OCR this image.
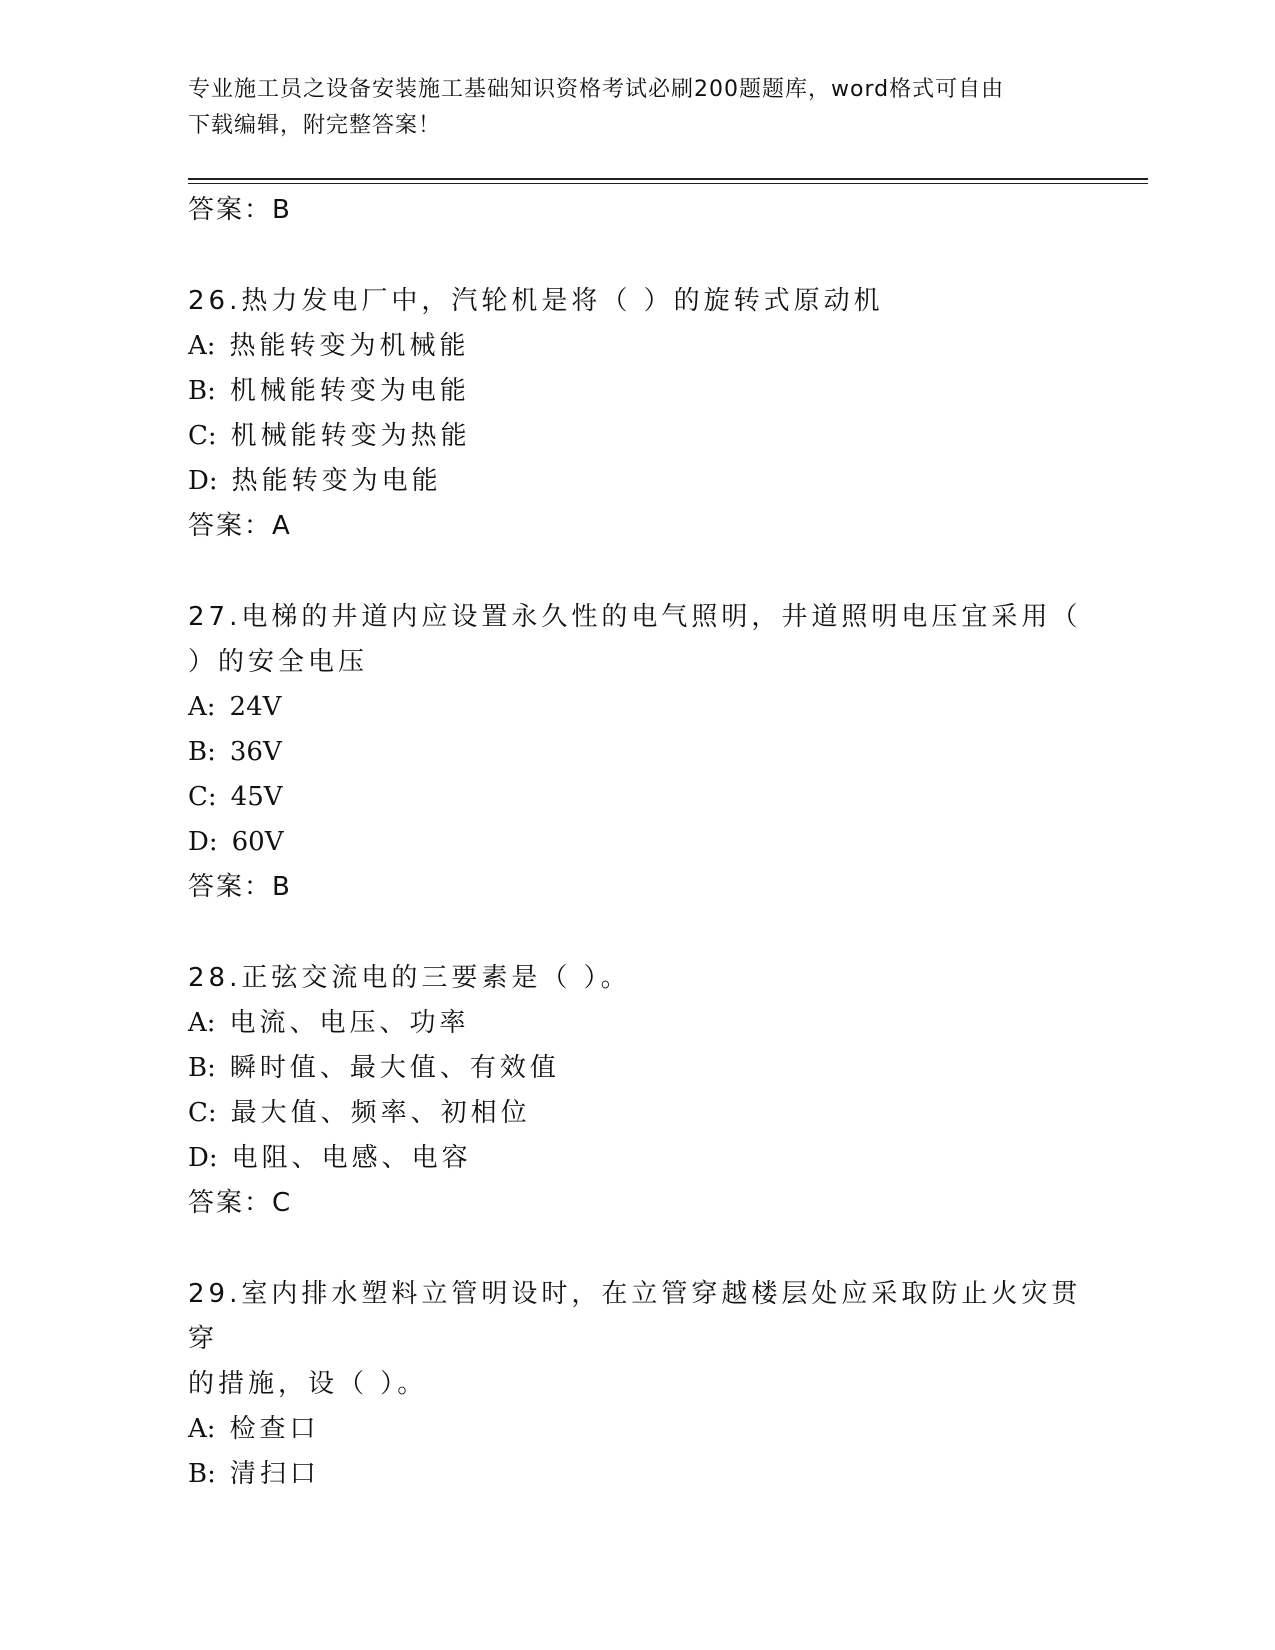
专业施工员之设备安装施工基础知识资格考试必刷200题题库，word格式可自由
下载编辑，附完整答案！
答案：B
26.热力发电厂中，汽轮机是将（ ）的旋转式原动机
A: 热能转变为机械能
B: 机械能转变为电能
C: 机械能转变为热能
D: 热能转变为电能
答案：A
27.电梯的井道内应设置永久性的电气照明，井道照明电压宜采用（
）的安全电压
A: 24V
B: 36V
C: 45V
D: 60V
答案：B
28.正弦交流电的三要素是（ ）。
A: 电流、电压、功率
B: 瞬时值、最大值、有效值
C: 最大值、频率、初相位
D: 电阻、电感、电容
答案：C
29.室内排水塑料立管明设时，在立管穿越楼层处应采取防止火灾贯穿
的措施，设（ ）。
A: 检查口
B: 清扫口
